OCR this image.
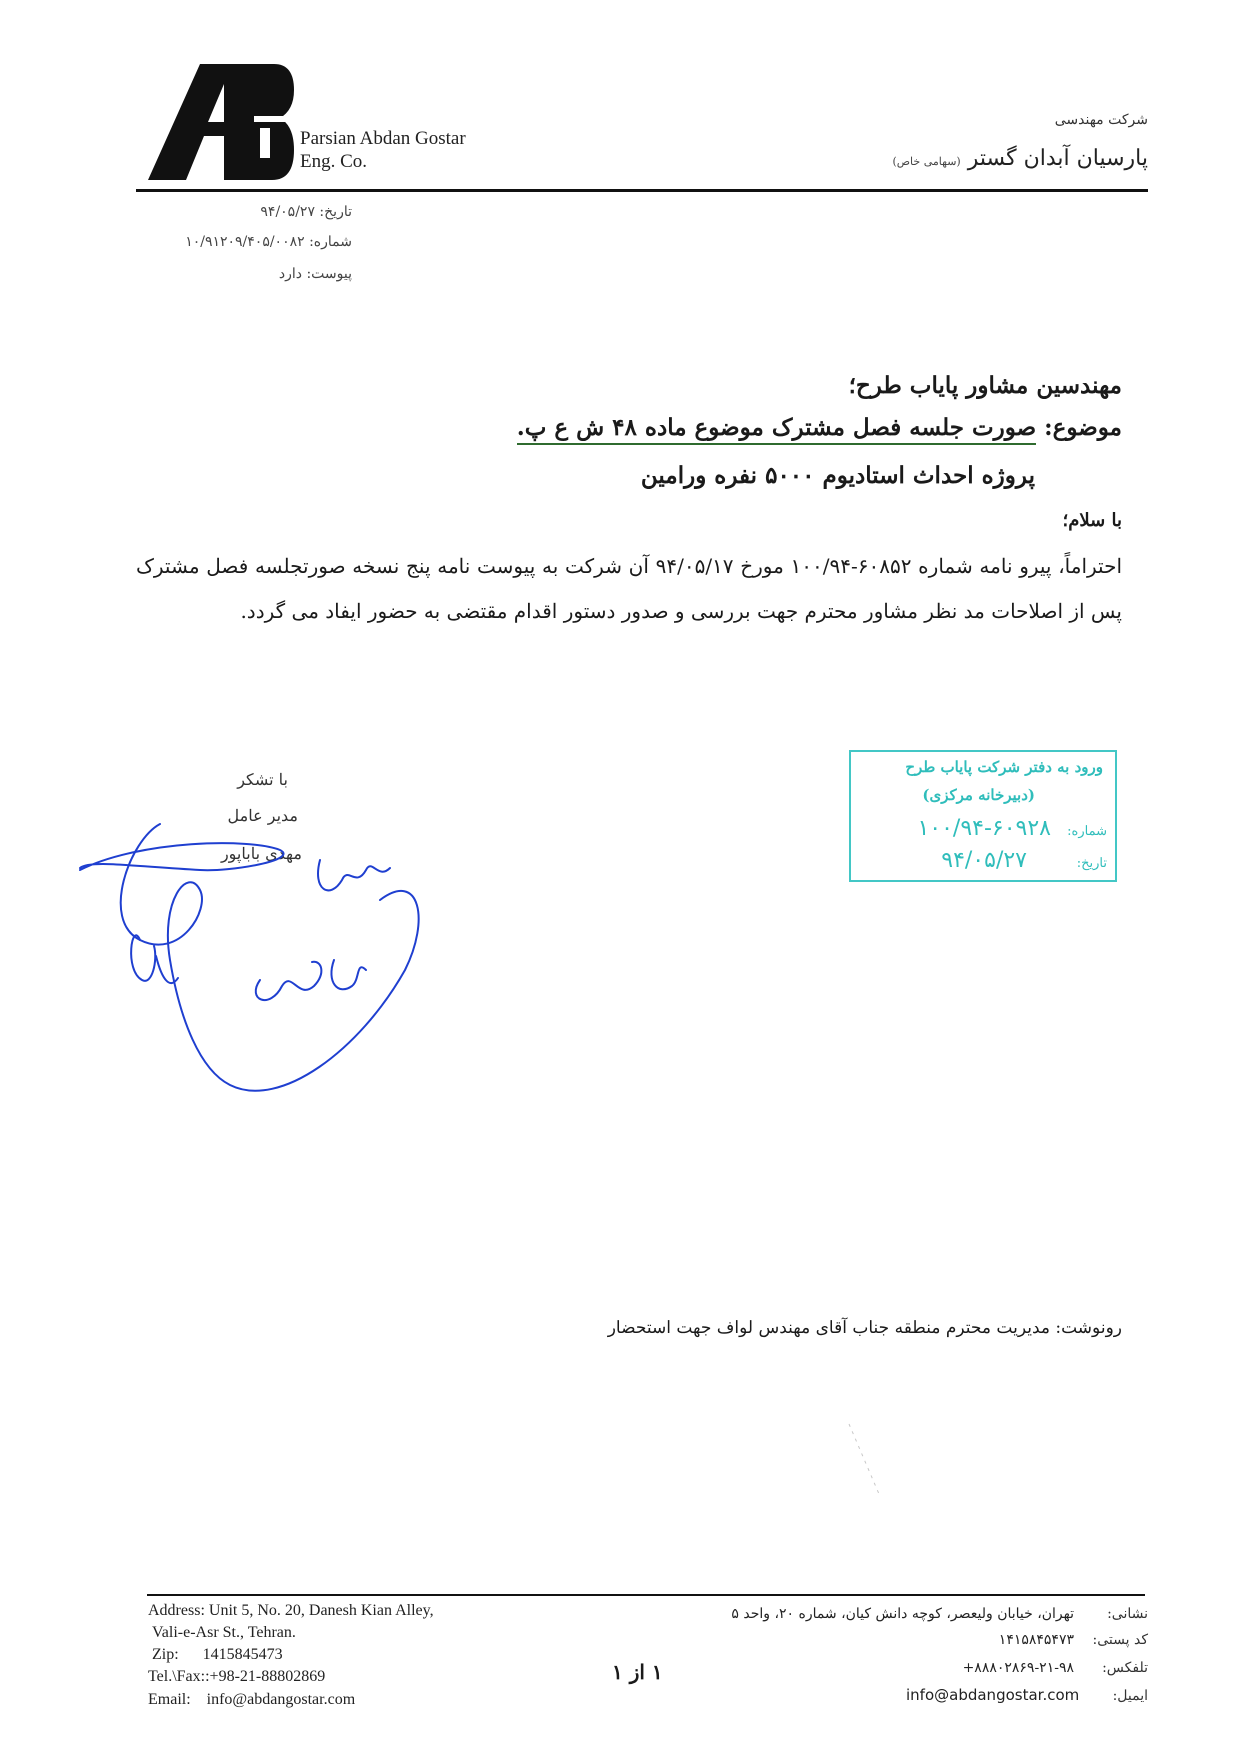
Parsian Abdan Gostar
Eng. Co.
شرکت مهندسی
پارسیان آبدان گستر (سهامی خاص)
تاریخ: ۹۴/۰۵/۲۷
شماره: ۱۰/۹۱۲۰۹/۴۰۵/۰۰۸۲
پیوست: دارد
مهندسین مشاور پایاب طرح؛
موضوع: صورت جلسه فصل مشترک موضوع ماده ۴۸ ش ع پ.
پروژه احداث استادیوم ۵۰۰۰ نفره ورامین
با سلام؛
احتراماً، پیرو نامه شماره ۶۰۸۵۲-۱۰۰/۹۴ مورخ ۹۴/۰۵/۱۷ آن شرکت به پیوست نامه پنج نسخه صورتجلسه فصل مشترک پس از اصلاحات مد نظر مشاور محترم جهت بررسی و صدور دستور اقدام مقتضی به حضور ایفاد می گردد.
با تشکر
مدیر عامل
مهدی باباپور
ورود به دفتر شرکت پایاب طرح
(دبیرخانه مرکزی)
شماره:
۱۰۰/۹۴-۶۰۹۲۸
تاریخ:
۹۴/۰۵/۲۷
رونوشت: مدیریت محترم منطقه جناب آقای مهندس لواف جهت استحضار
Address: Unit 5, No. 20, Danesh Kian Alley,
Vali-e-Asr St., Tehran.
Zip: 1415845473
Tel.\Fax::+98-21-88802869
Email: info@abdangostar.com
۱ از ۱
نشانی:
تهران، خیابان ولیعصر، کوچه دانش کیان، شماره ۲۰، واحد ۵
کد پستی:
۱۴۱۵۸۴۵۴۷۳
تلفکس:
۸۸۸۰۲۸۶۹-۲۱-۹۸+
ایمیل:
info@abdangostar.com
